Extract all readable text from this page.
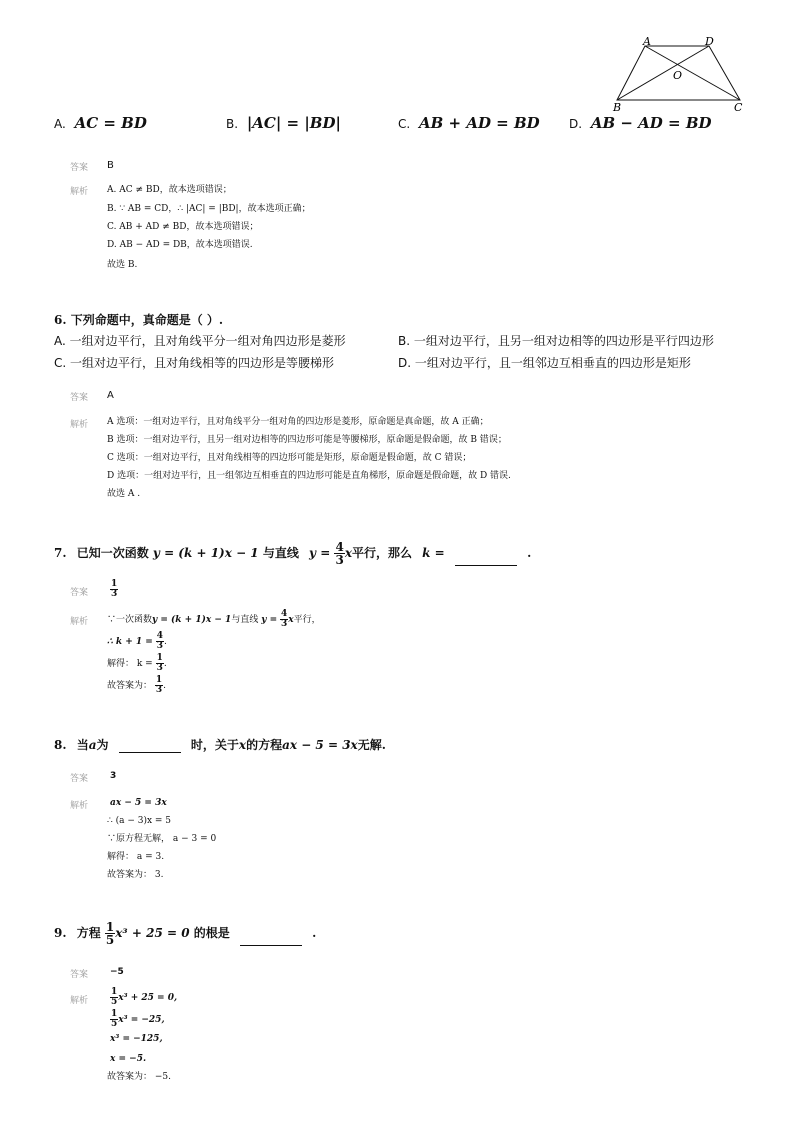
A	D
O
B	C
A. AC = BD	B. |AC| = |BD|	C. AB + AD = BD D. AB − AD = BD
答案 B
解析 A. AC ≠ BD，故本选项错误；
B. ∵ AB = CD，∴ |AC| = |BD|，故本选项正确；
C. AB + AD ≠ BD，故本选项错误；
D. AB − AD = DB，故本选项错误.
故选 B.
6. 下列命题中，真命题是（ ）.
A. 一组对边平行，且对角线平分一组对角四边形是菱形	B. 一组对边平行，且另一组对边相等的四边形是平行四边形
C. 一组对边平行，且对角线相等的四边形是等腰梯形	D. 一组对边平行，且一组邻边互相垂直的四边形是矩形
答案 A
解析 A 选项：一组对边平行，且对角线平分一组对角的四边形是菱形，原命题是真命题，故 A 正确；
B 选项：一组对边平行，且另一组对边相等的四边形可能是等腰梯形，原命题是假命题，故 B 错误；
C 选项：一组对边平行，且对角线相等的四边形可能是矩形，原命题是假命题，故 C 错误；
D 选项：一组对边平行，且一组邻边互相垂直的四边形可能是直角梯形，原命题是假命题，故 D 错误.
故选 A .
7. 已知一次函数 y = (k + 1)x − 1 与直线 $y = \frac{4}{3}$ x平行，那么 k =	.
答案 $\frac{1}{3}$
解析 ∵一次函数y = (k + 1)x − 1与直线 $y = \frac{4}{3}$ x平行，
∴ $k + 1 = \frac{4}{3}$ .
解得： $k = \frac{1}{3}$ .
故答案为： $\frac{1}{3}$ .
8. 当a为	时，关于x的方程ax − 5 = 3x无解.
答案 3
解析 ax − 5 = 3x
∴ (a − 3)x = 5
∵原方程无解， a − 3 = 0
解得： a = 3.
故答案为： 3.
9. 方程 $\frac{1}{5} x^3 + 25 = 0$ 的根是	.
答案 −5
解析 $\frac{1}{5} x^3 + 25 = 0$,
$\frac{1}{5} x^3 = -25$,
x³ = −125,
x = −5.
故答案为： −5.
